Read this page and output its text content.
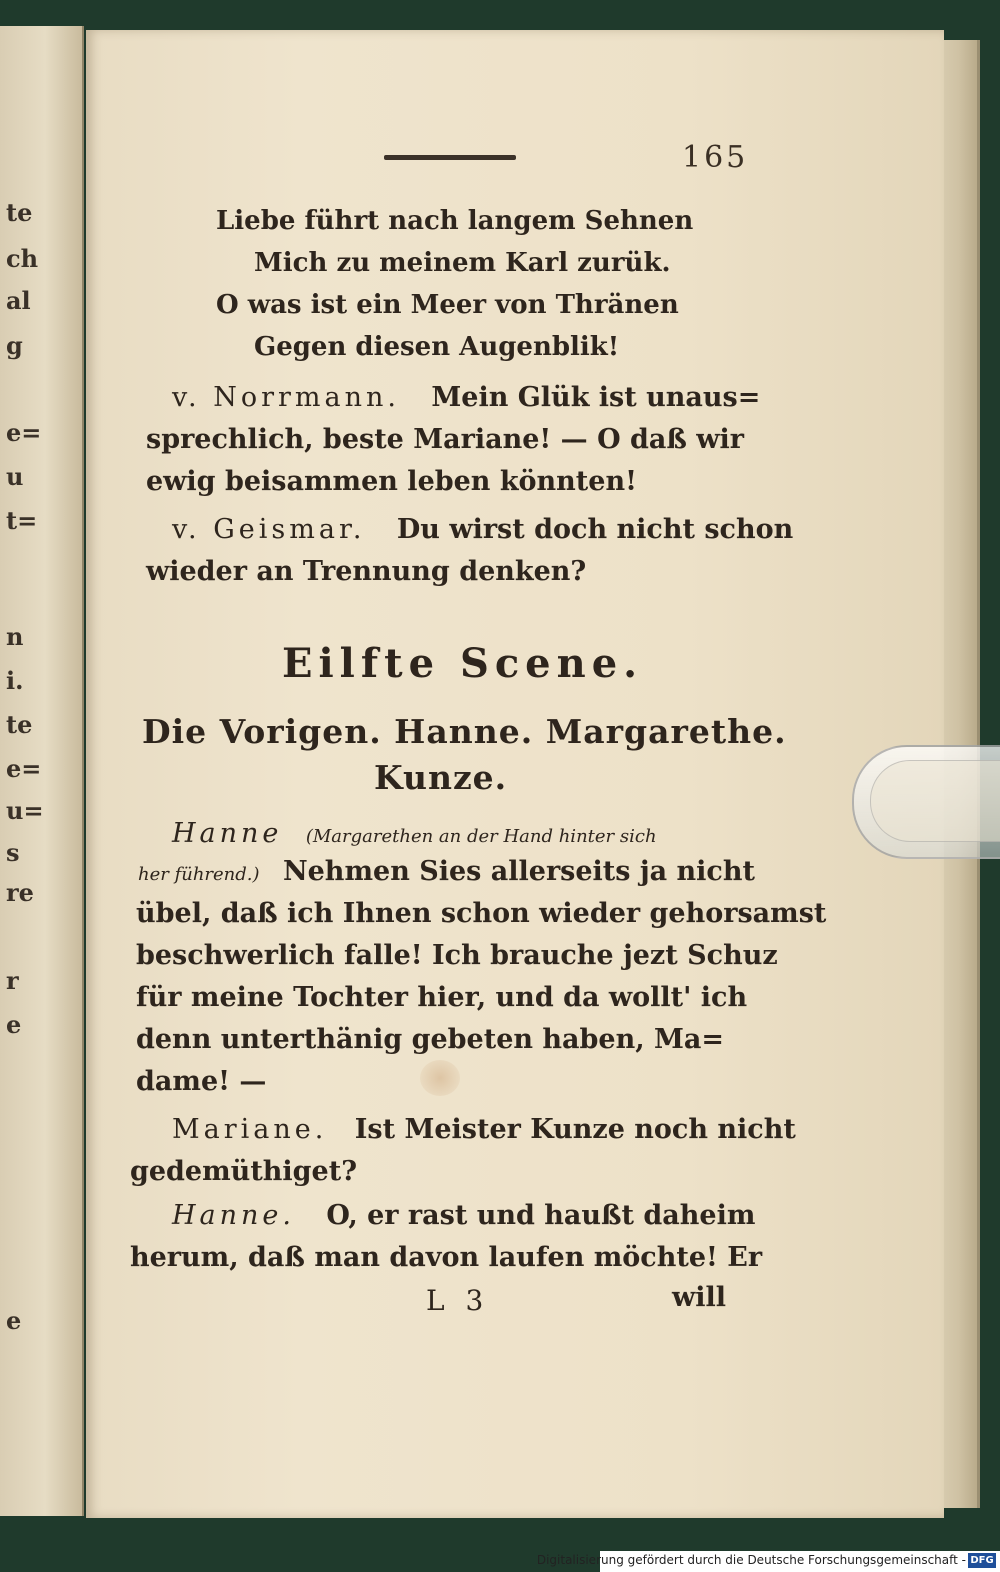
te
ch
al
g
e=
u
t=
n
i.
te
e=
u=
s
re
r
e
e
165
Liebe führt nach langem Sehnen
Mich zu meinem Karl zurük.
O was ist ein Meer von Thränen
Gegen diesen Augenblik!
v. Norrmann. Mein Glük ist unaus=
sprechlich, beste Mariane! — O daß wir
ewig beisammen leben könnten!
v. Geismar. Du wirst doch nicht schon
wieder an Trennung denken?
Eilfte Scene.
Die Vorigen. Hanne. Margarethe.
Kunze.
Hanne (Margarethen an der Hand hinter sich
her führend.) Nehmen Sies allerseits ja nicht
übel, daß ich Ihnen schon wieder gehorsamst
beschwerlich falle! Ich brauche jezt Schuz
für meine Tochter hier, und da wollt' ich
denn unterthänig gebeten haben, Ma=
dame! —
Mariane. Ist Meister Kunze noch nicht
gedemüthiget?
Hanne. O, er rast und haußt daheim
herum, daß man davon laufen möchte! Er
L 3	will
Digitalisierung gefördert durch die Deutsche Forschungsgemeinschaft - DFG
